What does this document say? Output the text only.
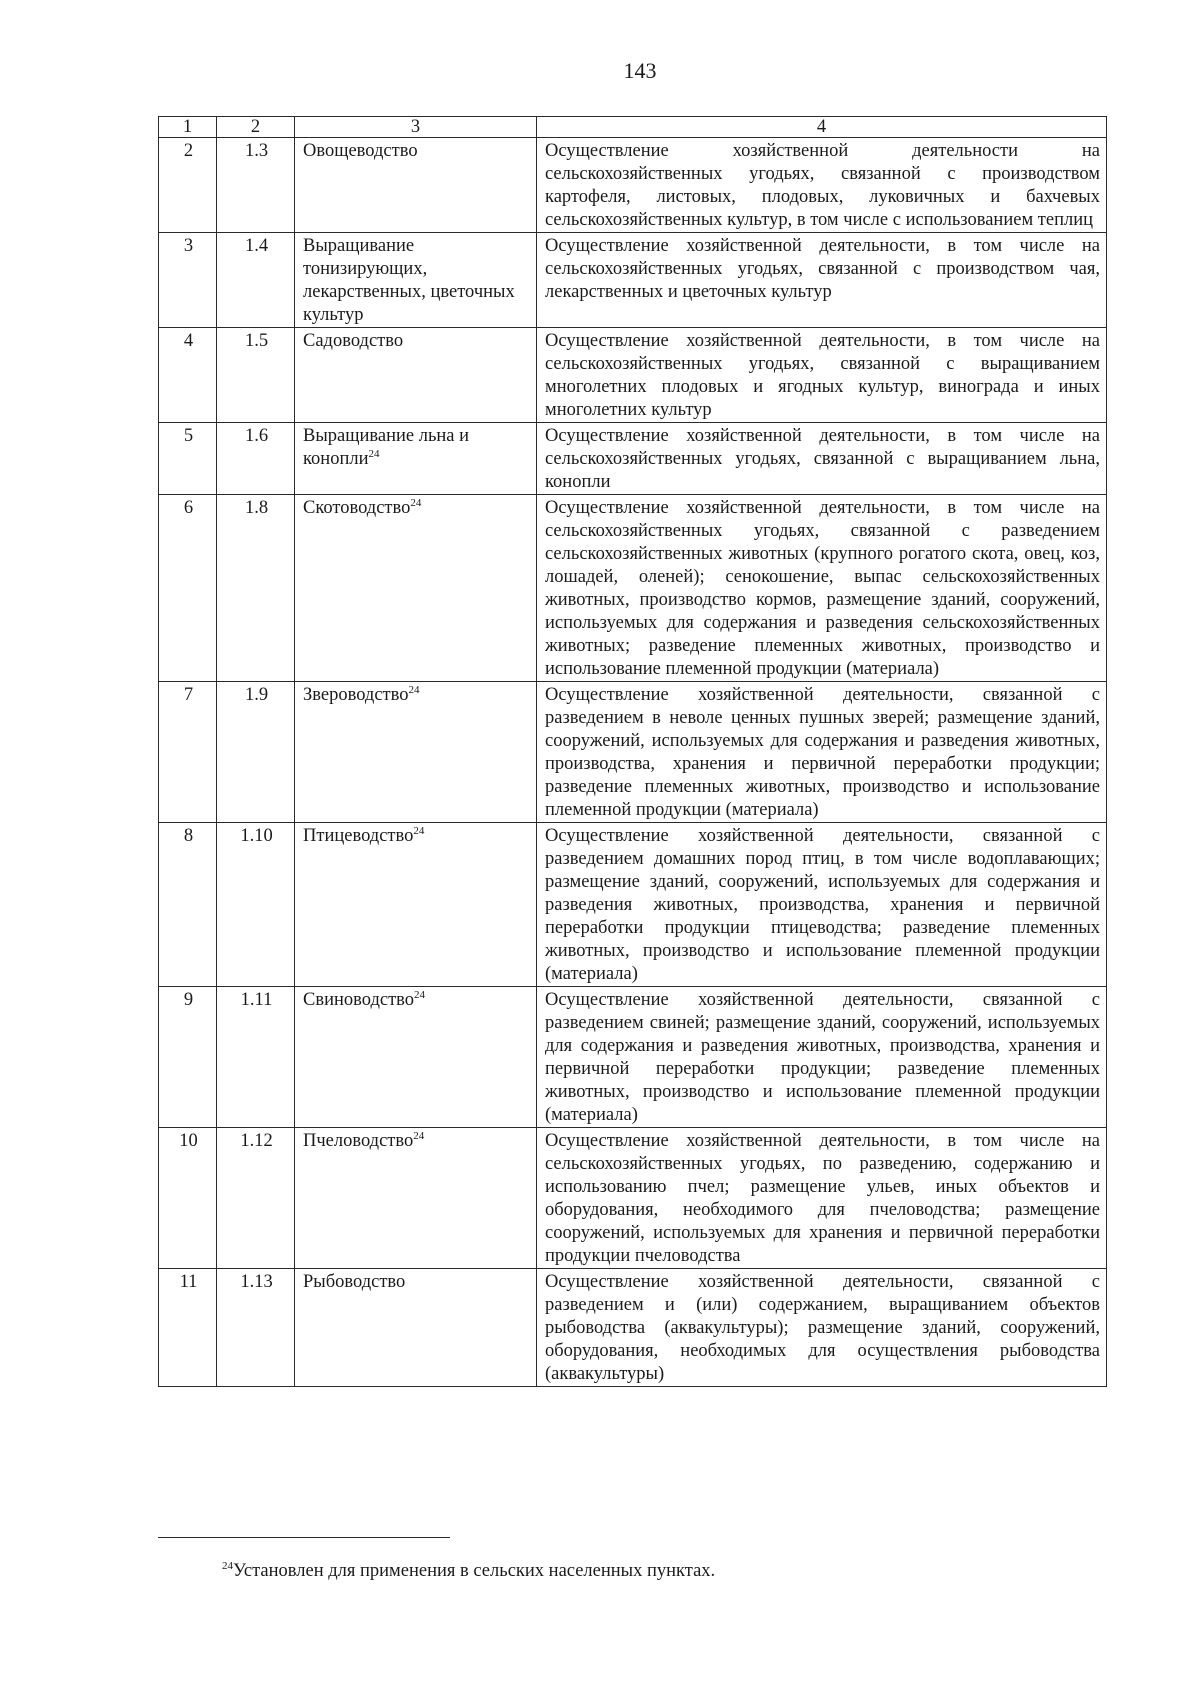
143
1	2	3	4
2	1.3	Овощеводство	Осуществление хозяйственной деятельности на сельскохозяйственных угодьях, связанной с производством картофеля, листовых, плодовых, луковичных и бахчевых сельскохозяйственных культур, в том числе с использованием теплиц
3	1.4	Выращивание тонизирующих, лекарственных, цветочных культур	Осуществление хозяйственной деятельности, в том числе на сельскохозяйственных угодьях, связанной с производством чая, лекарственных и цветочных культур
4	1.5	Садоводство	Осуществление хозяйственной деятельности, в том числе на сельскохозяйственных угодьях, связанной с выращиванием многолетних плодовых и ягодных культур, винограда и иных многолетних культур
5	1.6	Выращивание льна и конопли$^{24}$	Осуществление хозяйственной деятельности, в том числе на сельскохозяйственных угодьях, связанной с выращиванием льна, конопли
6	1.8	Скотоводство$^{24}$	Осуществление хозяйственной деятельности, в том числе на сельскохозяйственных угодьях, связанной с разведением сельскохозяйственных животных (крупного рогатого скота, овец, коз, лошадей, оленей); сенокошение, выпас сельскохозяйственных животных, производство кормов, размещение зданий, сооружений, используемых для содержания и разведения сельскохозяйственных животных; разведение племенных животных, производство и использование племенной продукции (материала)
7	1.9	Звероводство$^{24}$	Осуществление хозяйственной деятельности, связанной с разведением в неволе ценных пушных зверей; размещение зданий, сооружений, используемых для содержания и разведения животных, производства, хранения и первичной переработки продукции; разведение племенных животных, производство и использование племенной продукции (материала)
8	1.10	Птицеводство$^{24}$	Осуществление хозяйственной деятельности, связанной с разведением домашних пород птиц, в том числе водоплавающих; размещение зданий, сооружений, используемых для содержания и разведения животных, производства, хранения и первичной переработки продукции птицеводства; разведение племенных животных, производство и использование племенной продукции (материала)
9	1.11	Свиноводство$^{24}$	Осуществление хозяйственной деятельности, связанной с разведением свиней; размещение зданий, сооружений, используемых для содержания и разведения животных, производства, хранения и первичной переработки продукции; разведение племенных животных, производство и использование племенной продукции (материала)
10	1.12	Пчеловодство$^{24}$	Осуществление хозяйственной деятельности, в том числе на сельскохозяйственных угодьях, по разведению, содержанию и использованию пчел; размещение ульев, иных объектов и оборудования, необходимого для пчеловодства; размещение сооружений, используемых для хранения и первичной переработки продукции пчеловодства
11	1.13	Рыбоводство	Осуществление хозяйственной деятельности, связанной с разведением и (или) содержанием, выращиванием объектов рыбоводства (аквакультуры); размещение зданий, сооружений, оборудования, необходимых для осуществления рыбоводства (аквакультуры)
$^{24}$Установлен для применения в сельских населенных пунктах.
